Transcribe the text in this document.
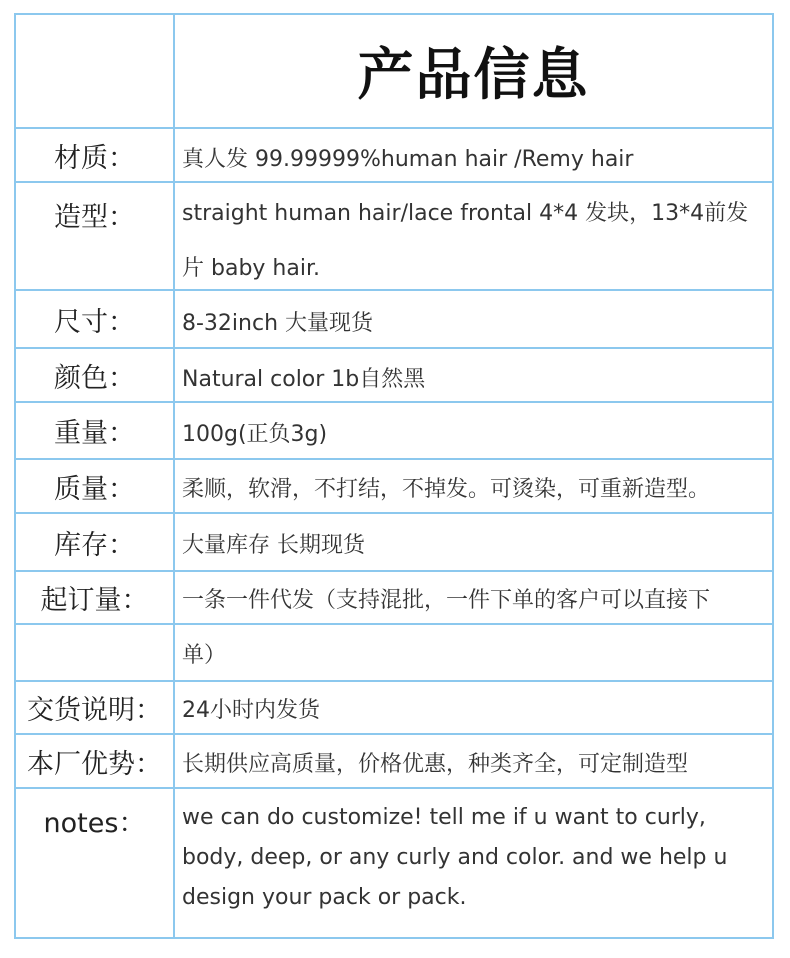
产品信息
材质：	真人发 99.99999%human hair /Remy hair
造型：	straight human hair/lace frontal 4*4 发块，13*4前发
片 baby hair.
尺寸：	8-32inch 大量现货
颜色：	Natural color 1b自然黑
重量：	100g(正负3g)
质量：	柔顺，软滑，不打结，不掉发。可烫染，可重新造型。
库存：	大量库存 长期现货
起订量：	一条一件代发（支持混批，一件下单的客户可以直接下
单）
交货说明： 24小时内发货
本厂优势： 长期供应高质量，价格优惠，种类齐全，可定制造型
notes：	we can do customize! tell me if u want to curly,
body, deep, or any curly and color. and we help u
design your pack or pack.
